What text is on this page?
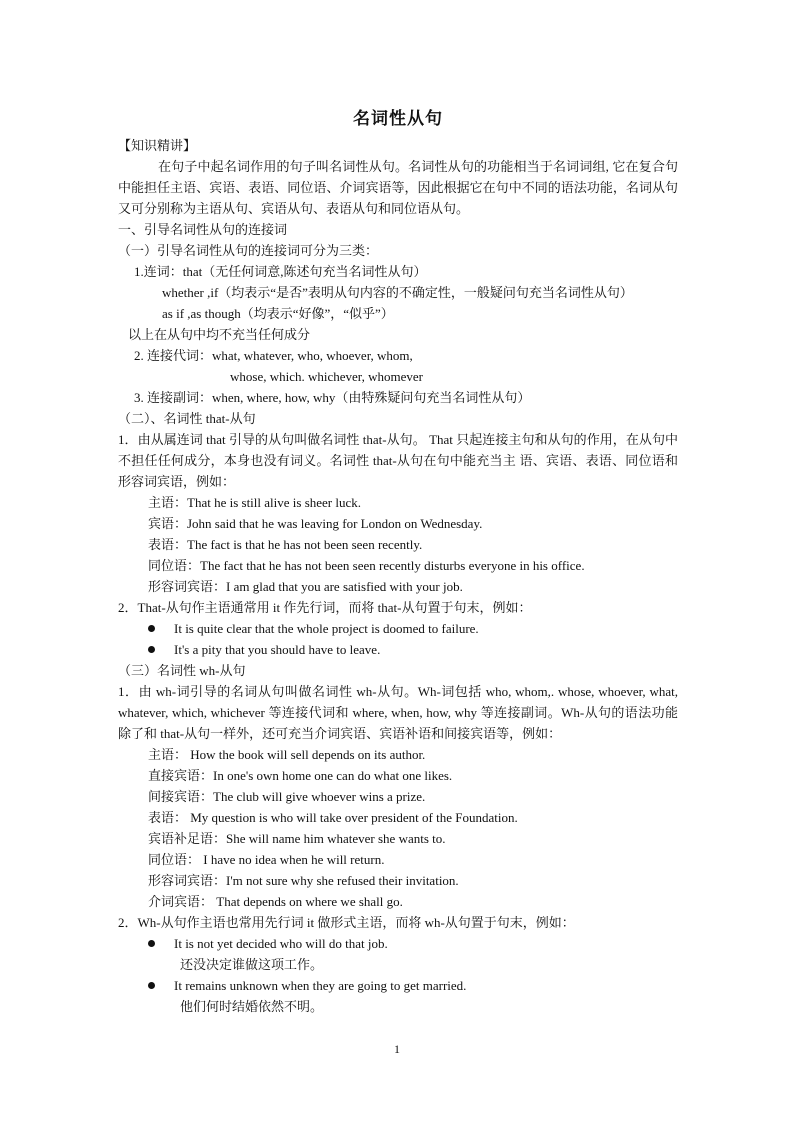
名词性从句
【知识精讲】
在句子中起名词作用的句子叫名词性从句。名词性从句的功能相当于名词词组, 它在复合句中能担任主语、宾语、表语、同位语、介词宾语等，因此根据它在句中不同的语法功能，名词从句又可分别称为主语从句、宾语从句、表语从句和同位语从句。
一、引导名词性从句的连接词
（一）引导名词性从句的连接词可分为三类：
1.连词：that（无任何词意,陈述句充当名词性从句）
whether ,if（均表示“是否”表明从句内容的不确定性，一般疑问句充当名词性从句）
as if ,as though（均表示“好像”，“似乎”）
以上在从句中均不充当任何成分
2. 连接代词：what, whatever, who, whoever, whom,
whose, which. whichever, whomever
3. 连接副词：when, where, how, why（由特殊疑问句充当名词性从句）
（二）、名词性 that-从句
1．由从属连词 that 引导的从句叫做名词性 that-从句。 That 只起连接主句和从句的作用，在从句中不担任任何成分，本身也没有词义。名词性 that-从句在句中能充当主 语、宾语、表语、同位语和形容词宾语，例如：
主语：That he is still alive is sheer luck.
宾语：John said that he was leaving for London on Wednesday.
表语：The fact is that he has not been seen recently.
同位语：The fact that he has not been seen recently disturbs everyone in his office.
形容词宾语：I am glad that you are satisfied with your job.
2．That-从句作主语通常用 it 作先行词，而将 that-从句置于句末，例如：
It is quite clear that the whole project is doomed to failure.
It's a pity that you should have to leave.
（三）名词性 wh-从句
1．由 wh-词引导的名词从句叫做名词性 wh-从句。Wh-词包括 who, whom,. whose, whoever, what, whatever, which, whichever 等连接代词和 where, when, how, why 等连接副词。Wh-从句的语法功能除了和 that-从句一样外，还可充当介词宾语、宾语补语和间接宾语等，例如：
主语： How the book will sell depends on its author.
直接宾语：In one's own home one can do what one likes.
间接宾语：The club will give whoever wins a prize.
表语： My question is who will take over president of the Foundation.
宾语补足语：She will name him whatever she wants to.
同位语： I have no idea when he will return.
形容词宾语：I'm not sure why she refused their invitation.
介词宾语： That depends on where we shall go.
2．Wh-从句作主语也常用先行词 it 做形式主语，而将 wh-从句置于句末，例如：
It is not yet decided who will do that job.
还没决定谁做这项工作。
It remains unknown when they are going to get married.
他们何时结婚依然不明。
1
